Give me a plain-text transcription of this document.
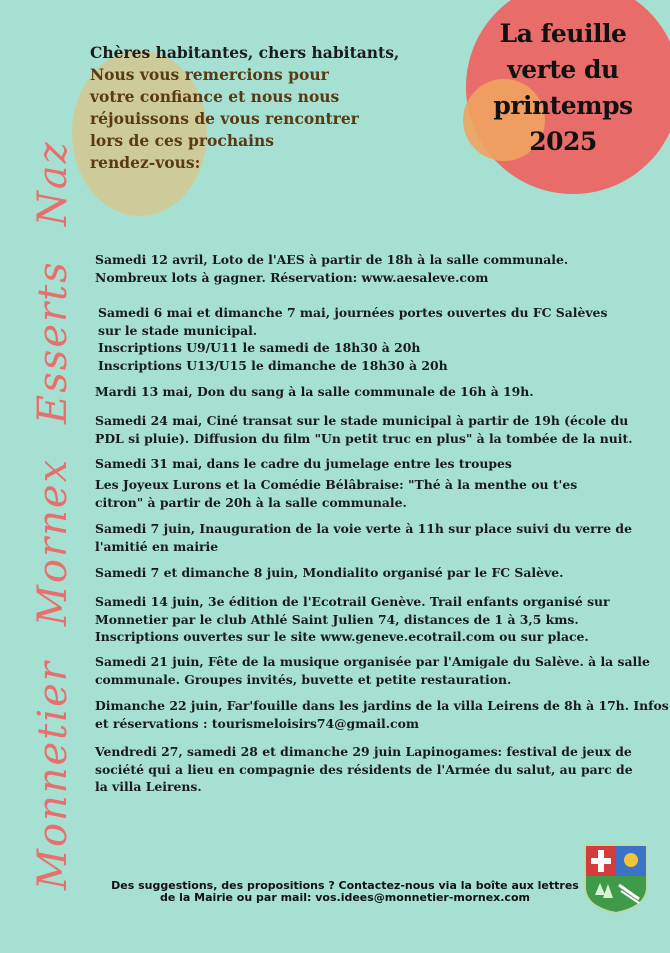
La feuille
verte du
printemps
2025
Chères habitantes, chers habitants,
Nous vous remercions pour
votre confiance et nous nous
réjouissons de vous rencontrer
lors de ces prochains
rendez-vous:
MonnetierMornexEssertsNaz
Samedi 12 avril, Loto de l'AES à partir de 18h à la salle communale.
Nombreux lots à gagner. Réservation: www.aesaleve.com
Samedi 6 mai et dimanche 7 mai, journées portes ouvertes du FC Salèves
sur le stade municipal.
Inscriptions U9/U11 le samedi de 18h30 à 20h
Inscriptions U13/U15 le dimanche de 18h30 à 20h
Mardi 13 mai, Don du sang à la salle communale de 16h à 19h.
Samedi 24 mai, Ciné transat sur le stade municipal à partir de 19h (école du
PDL si pluie). Diffusion du film "Un petit truc en plus" à la tombée de la nuit.
Samedi 31 mai, dans le cadre du jumelage entre les troupes
Les Joyeux Lurons et la Comédie Bélâbraise: "Thé à la menthe ou t'es
citron" à partir de 20h à la salle communale.
Samedi 7 juin, Inauguration de la voie verte à 11h sur place suivi du verre de
l'amitié en mairie
Samedi 7 et dimanche 8 juin, Mondialito organisé par le FC Salève.
Samedi 14 juin, 3e édition de l'Ecotrail Genève. Trail enfants organisé sur
Monnetier par le club Athlé Saint Julien 74, distances de 1 à 3,5 kms.
Inscriptions ouvertes sur le site www.geneve.ecotrail.com ou sur place.
Samedi 21 juin, Fête de la musique organisée par l'Amigale du Salève. à la salle
communale. Groupes invités, buvette et petite restauration.
Dimanche 22 juin, Far'fouille dans les jardins de la villa Leirens de 8h à 17h. Infos
et réservations : tourismeloisirs74@gmail.com
Vendredi 27, samedi 28 et dimanche 29 juin Lapinogames: festival de jeux de
société qui a lieu en compagnie des résidents de l'Armée du salut, au parc de
la villa Leirens.
Des suggestions, des propositions ? Contactez-nous via la boîte aux lettres
de la Mairie ou par mail: vos.idees@monnetier-mornex.com
